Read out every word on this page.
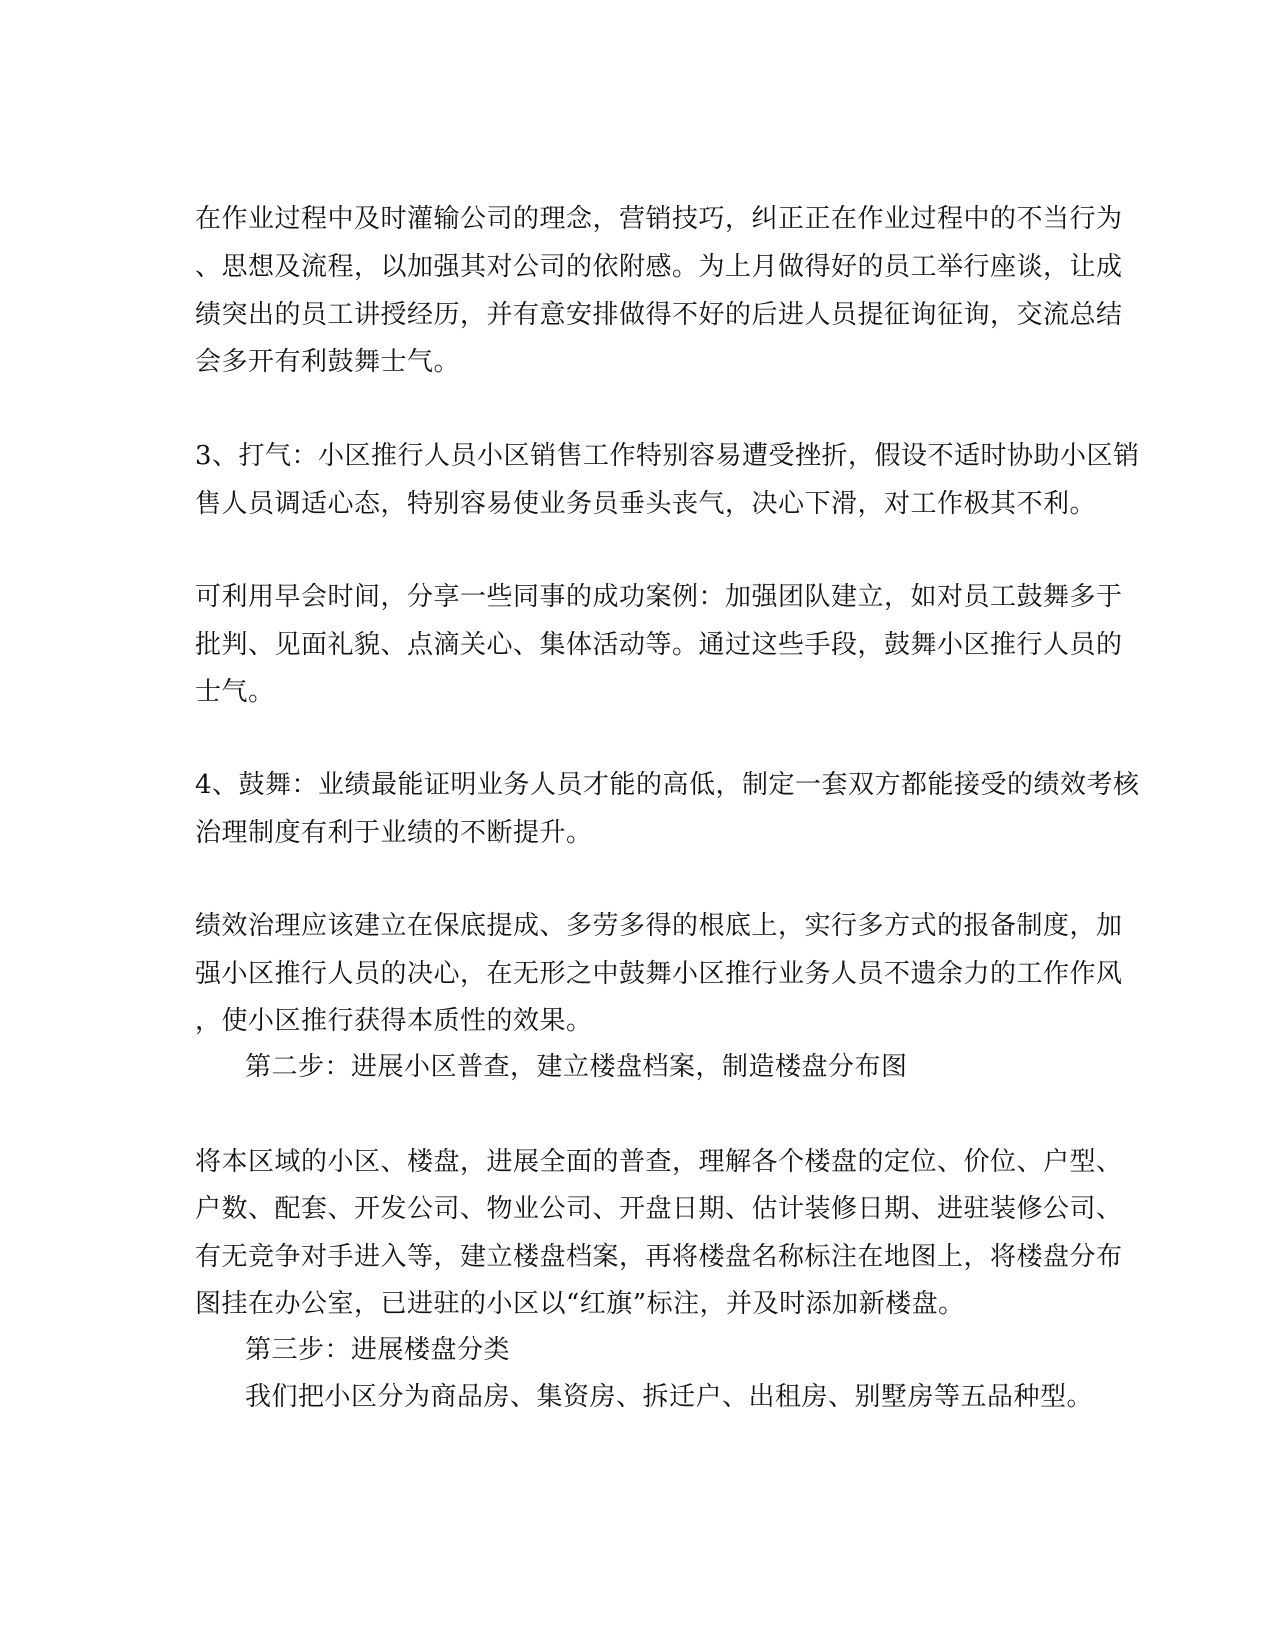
在作业过程中及时灌输公司的理念，营销技巧，纠正正在作业过程中的不当行为
、思想及流程，以加强其对公司的依附感。为上月做得好的员工举行座谈，让成
绩突出的员工讲授经历，并有意安排做得不好的后进人员提征询征询，交流总结
会多开有利鼓舞士气。
3、打气：小区推行人员小区销售工作特别容易遭受挫折，假设不适时协助小区销
售人员调适心态，特别容易使业务员垂头丧气，决心下滑，对工作极其不利。
可利用早会时间，分享一些同事的成功案例：加强团队建立，如对员工鼓舞多于
批判、见面礼貌、点滴关心、集体活动等。通过这些手段，鼓舞小区推行人员的
士气。
4、鼓舞：业绩最能证明业务人员才能的高低，制定一套双方都能接受的绩效考核
治理制度有利于业绩的不断提升。
绩效治理应该建立在保底提成、多劳多得的根底上，实行多方式的报备制度，加
强小区推行人员的决心，在无形之中鼓舞小区推行业务人员不遗余力的工作作风
，使小区推行获得本质性的效果。
第二步：进展小区普查，建立楼盘档案，制造楼盘分布图
将本区域的小区、楼盘，进展全面的普查，理解各个楼盘的定位、价位、户型、
户数、配套、开发公司、物业公司、开盘日期、估计装修日期、进驻装修公司、
有无竞争对手进入等，建立楼盘档案，再将楼盘名称标注在地图上，将楼盘分布
图挂在办公室，已进驻的小区以“红旗”标注，并及时添加新楼盘。
第三步：进展楼盘分类
我们把小区分为商品房、集资房、拆迁户、出租房、别墅房等五品种型。
